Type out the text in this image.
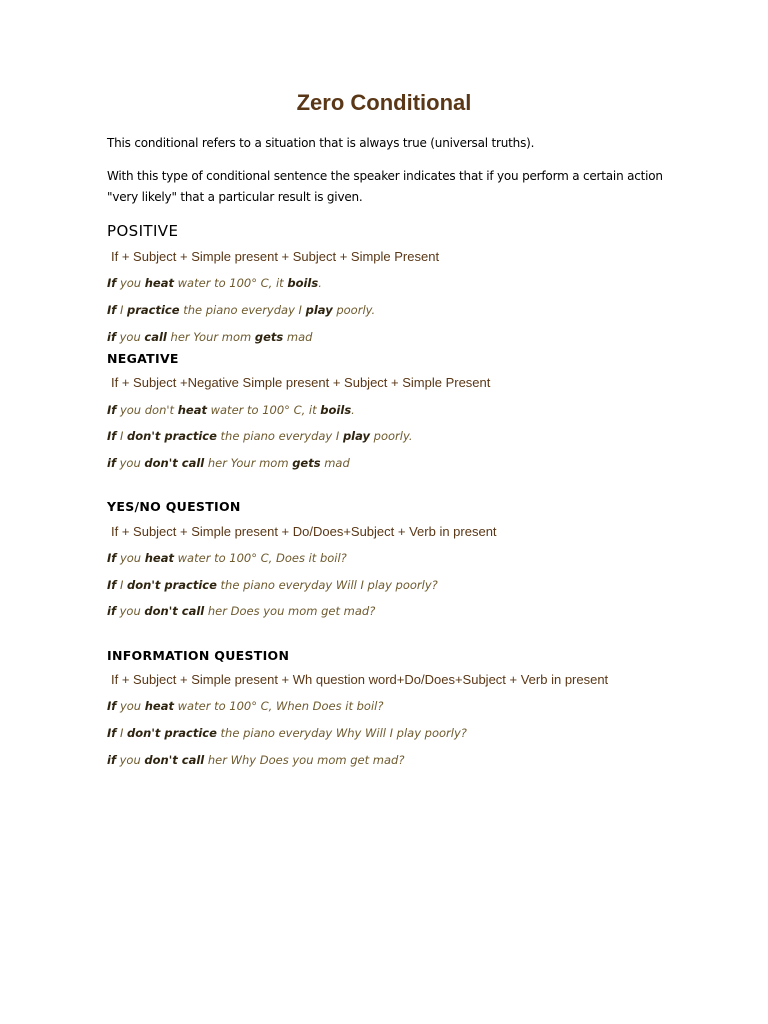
Zero Conditional
This conditional refers to a situation that is always true (universal truths).
With this type of conditional sentence the speaker indicates that if you perform a certain action "very likely" that a particular result is given.
POSITIVE
If + Subject + Simple present + Subject + Simple Present
If you heat water to 100° C, it boils.
If I practice the piano everyday I play poorly.
if you call her Your mom gets mad
NEGATIVE
If + Subject +Negative Simple present + Subject + Simple Present
If you don't heat water to 100° C, it boils.
If I don't practice the piano everyday I play poorly.
if you don't call her Your mom gets mad
YES/NO QUESTION
If + Subject + Simple present + Do/Does+Subject + Verb in present
If you heat water to 100° C, Does it boil?
If I don't practice the piano everyday Will I play poorly?
if you don't call her Does you mom get mad?
INFORMATION QUESTION
If + Subject + Simple present + Wh question word+Do/Does+Subject + Verb in present
If you heat water to 100° C, When Does it boil?
If I don't practice the piano everyday Why Will I play poorly?
if you don't call her Why Does you mom get mad?
